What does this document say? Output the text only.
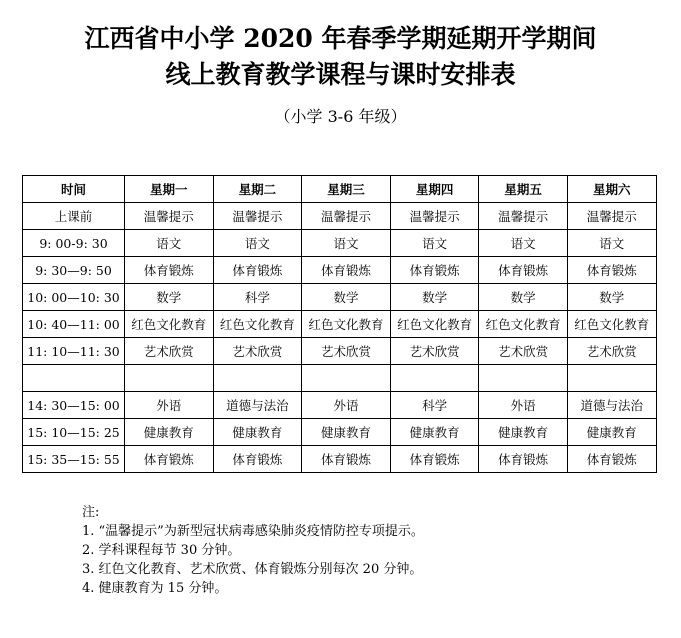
江西省中小学 2020 年春季学期延期开学期间
线上教育教学课程与课时安排表
（小学 3-6 年级）
时间	星期一	星期二	星期三	星期四	星期五	星期六
上课前	温馨提示	温馨提示	温馨提示	温馨提示	温馨提示	温馨提示
9: 00-9: 30	语文	语文	语文	语文	语文	语文
9: 30—9: 50	体育锻炼	体育锻炼	体育锻炼	体育锻炼	体育锻炼	体育锻炼
10: 00—10: 30	数学	科学	数学	数学	数学	数学
10: 40—11: 00	红色文化教育	红色文化教育	红色文化教育	红色文化教育	红色文化教育	红色文化教育
11: 10—11: 30	艺术欣赏	艺术欣赏	艺术欣赏	艺术欣赏	艺术欣赏	艺术欣赏

14: 30—15: 00	外语	道德与法治	外语	科学	外语	道德与法治
15: 10—15: 25	健康教育	健康教育	健康教育	健康教育	健康教育	健康教育
15: 35—15: 55	体育锻炼	体育锻炼	体育锻炼	体育锻炼	体育锻炼	体育锻炼
注:
1. “温馨提示”为新型冠状病毒感染肺炎疫情防控专项提示。
2. 学科课程每节 30 分钟。
3. 红色文化教育、艺术欣赏、体育锻炼分别每次 20 分钟。
4. 健康教育为 15 分钟。
